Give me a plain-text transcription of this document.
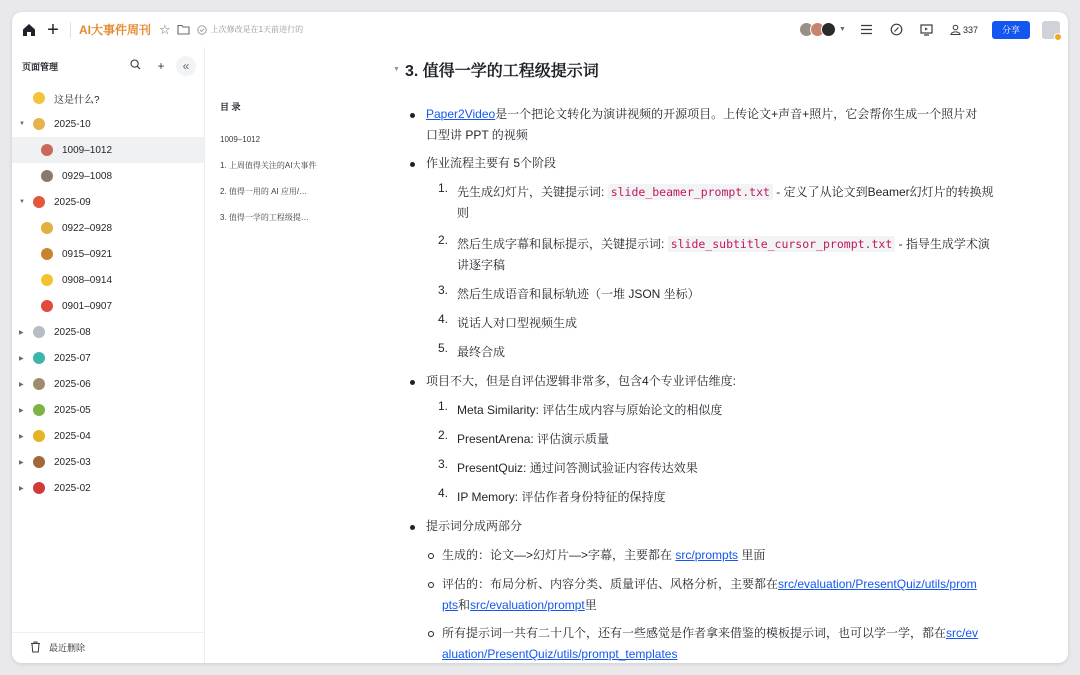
+ AI大事件周刊 ☆	上次修改是在1天前进行的	▼	337	分享
页面管理	+	«
这是什么?
▼	2025-10
1009–1012
0929–1008
▼	2025-09
0922–0928
0915–0921
0908–0914
0901–0907
▶	2025-08
▶	2025-07
▶	2025-06
▶	2025-05
▶	2025-04
▶	2025-03
▶	2025-02
最近删除
目 录
1009–1012
1. 上周值得关注的AI大事件
2. 值得一用的 AI 应用/…
3. 值得一学的工程级提…
▼ 3. 值得一学的工程级提示词
Paper2Video是一个把论文转化为演讲视频的开源项目。上传论文+声音+照片，它会帮你生成一个照片对
口型讲 PPT 的视频
作业流程主要有 5个阶段
1. 先生成幻灯片，关键提示词: slide_beamer_prompt.txt - 定义了从论文到Beamer幻灯片的转换规
则
2. 然后生成字幕和鼠标提示，关键提示词: slide_subtitle_cursor_prompt.txt - 指导生成学术演
讲逐字稿
3. 然后生成语音和鼠标轨迹（一堆 JSON 坐标）
4. 说话人对口型视频生成
5. 最终合成
项目不大，但是自评估逻辑非常多，包含4个专业评估维度:
1. Meta Similarity: 评估生成内容与原始论文的相似度
2. PresentArena: 评估演示质量
3. PresentQuiz: 通过问答测试验证内容传达效果
4. IP Memory: 评估作者身份特征的保持度
提示词分成两部分
生成的：论文—>幻灯片—>字幕，主要都在 src/prompts 里面
评估的：布局分析、内容分类、质量评估、风格分析，主要都在src/evaluation/PresentQuiz/utils/prom
pts和src/evaluation/prompt里
所有提示词一共有二十几个，还有一些感觉是作者拿来借鉴的模板提示词，也可以学一学，都在src/ev
aluation/PresentQuiz/utils/prompt_templates
